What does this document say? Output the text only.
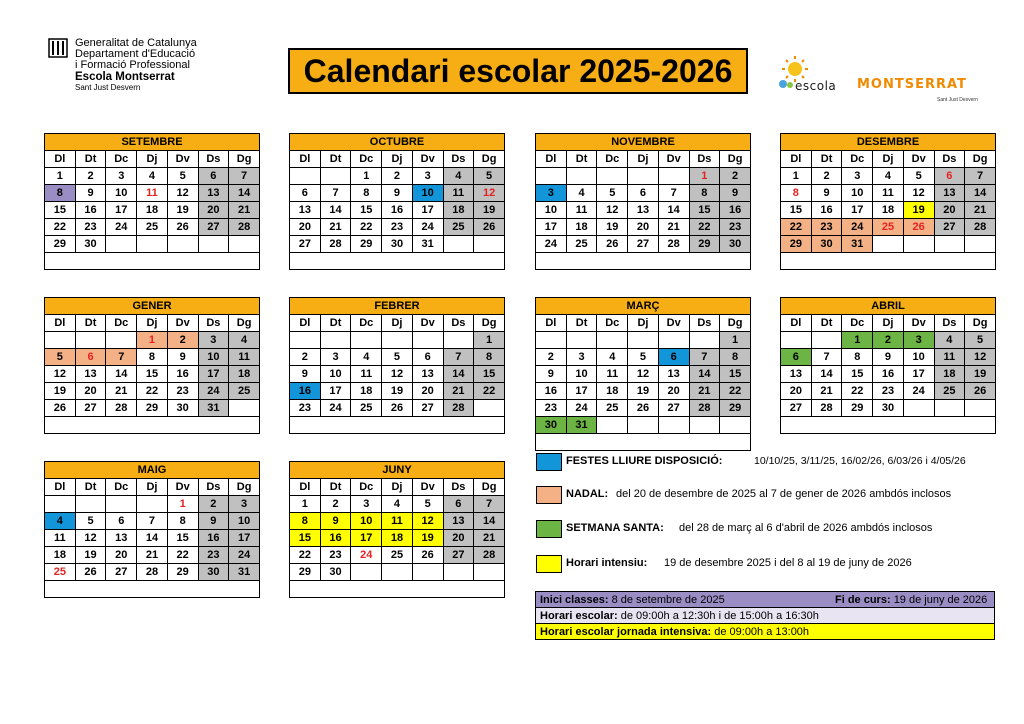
Generalitat de Catalunya
Departament d'Educació
i Formació Professional
Escola Montserrat
Sant Just Desvern	Calendari escolar 2025-2026	escola MONTSERRAT
Sant Just Desvern
SETEMBRE						
Dl	Dt	Dc	Dj	Dv	Ds	Dg
1	2	3	4	5	6	7
8	9	10	11	12	13	14
15	16	17	18	19	20	21
22	23	24	25	26	27	28
29	30					

OCTUBRE						
Dl	Dt	Dc	Dj	Dv	Ds	Dg
		1	2	3	4	5
6	7	8	9	10	11	12
13	14	15	16	17	18	19
20	21	22	23	24	25	26
27	28	29	30	31		

NOVEMBRE						
Dl	Dt	Dc	Dj	Dv	Ds	Dg
					1	2
3	4	5	6	7	8	9
10	11	12	13	14	15	16
17	18	19	20	21	22	23
24	25	26	27	28	29	30

DESEMBRE						
Dl	Dt	Dc	Dj	Dv	Ds	Dg
1	2	3	4	5	6	7
8	9	10	11	12	13	14
15	16	17	18	19	20	21
22	23	24	25	26	27	28
29	30	31				

GENER						
Dl	Dt	Dc	Dj	Dv	Ds	Dg
			1	2	3	4
5	6	7	8	9	10	11
12	13	14	15	16	17	18
19	20	21	22	23	24	25
26	27	28	29	30	31	

FEBRER						
Dl	Dt	Dc	Dj	Dv	Ds	Dg
						1
2	3	4	5	6	7	8
9	10	11	12	13	14	15
16	17	18	19	20	21	22
23	24	25	26	27	28	

MARÇ						
Dl	Dt	Dc	Dj	Dv	Ds	Dg
						1
2	3	4	5	6	7	8
9	10	11	12	13	14	15
16	17	18	19	20	21	22
23	24	25	26	27	28	29
30	31					

ABRIL						
Dl	Dt	Dc	Dj	Dv	Ds	Dg
		1	2	3	4	5
6	7	8	9	10	11	12
13	14	15	16	17	18	19
20	21	22	23	24	25	26
27	28	29	30			

MAIG						
Dl	Dt	Dc	Dj	Dv	Ds	Dg
				1	2	3
4	5	6	7	8	9	10
11	12	13	14	15	16	17
18	19	20	21	22	23	24
25	26	27	28	29	30	31

JUNY						
Dl	Dt	Dc	Dj	Dv	Ds	Dg
1	2	3	4	5	6	7
8	9	10	11	12	13	14
15	16	17	18	19	20	21
22	23	24	25	26	27	28
29	30					

FESTES LLIURE DISPOSICIÓ:	10/10/25, 3/11/25, 16/02/26, 6/03/26 i 4/05/26
NADAL: del 20 de desembre de 2025 al 7 de gener de 2026 ambdós inclosos
SETMANA SANTA: del 28 de març al 6 d'abril de 2026 ambdós inclosos
Horari intensiu: 19 de desembre 2025 i del 8 al 19 de juny de 2026
Inici classes: 8 de setembre de 2025	Fi de curs: 19 de juny de 2026
Horari escolar: de 09:00h a 12:30h i de 15:00h a 16:30h
Horari escolar jornada intensiva: de 09:00h a 13:00h
